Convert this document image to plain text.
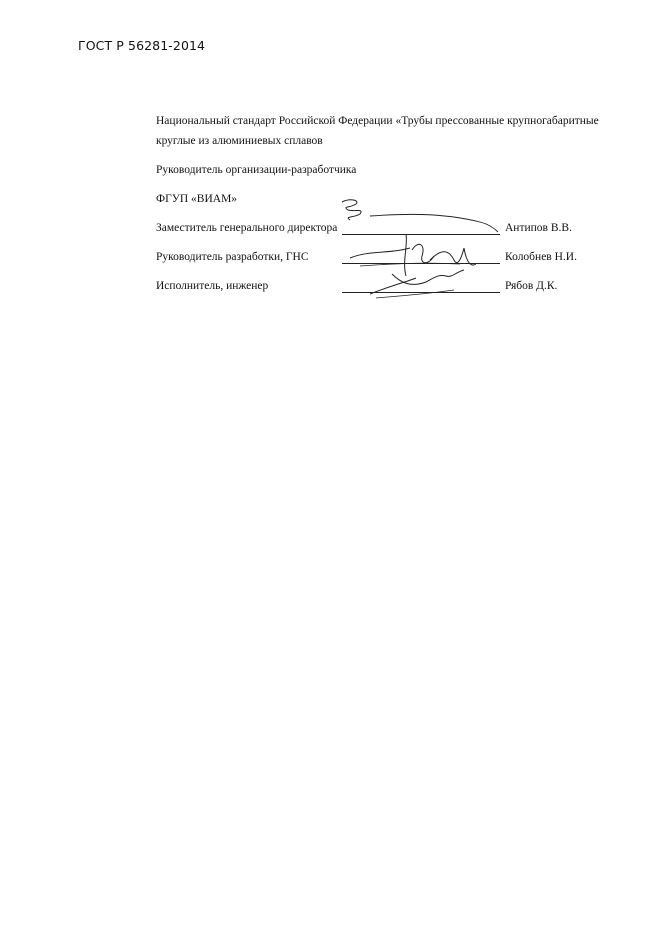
ГОСТ Р 56281-2014
Национальный стандарт Российской Федерации «Трубы прессованные крупногабаритные
круглые из алюминиевых сплавов
Руководитель организации-разработчика
ФГУП «ВИАМ»
Заместитель генерального директора	Антипов В.В.
Руководитель разработки, ГНС	Колобнев Н.И.
Исполнитель, инженер	Рябов Д.К.
